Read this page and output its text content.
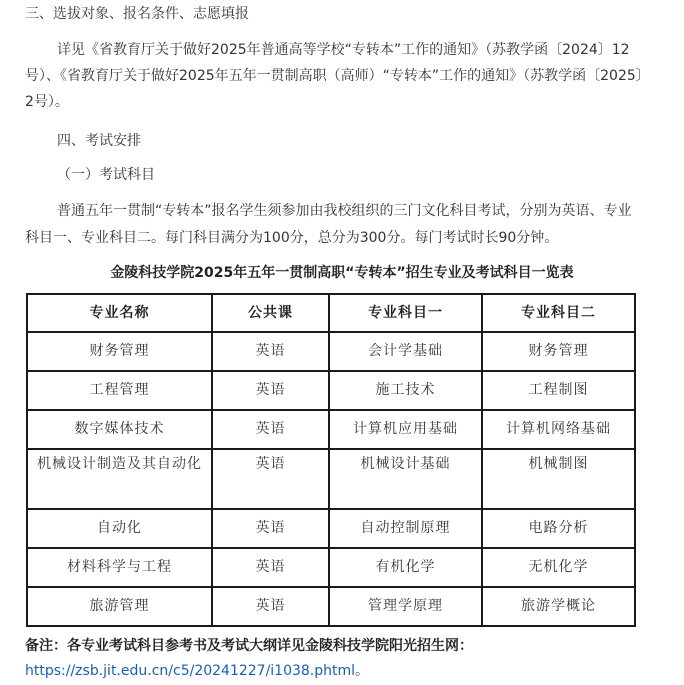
三、选拔对象、报名条件、志愿填报
详见《省教育厅关于做好2025年普通高等学校“专转本”工作的通知》（苏教学函〔2024〕12
号）、《省教育厅关于做好2025年五年一贯制高职（高师）“专转本”工作的通知》（苏教学函〔2025〕
2号）。
四、考试安排
（一）考试科目
普通五年一贯制“专转本”报名学生须参加由我校组织的三门文化科目考试，分别为英语、专业
科目一、专业科目二。每门科目满分为100分，总分为300分。每门考试时长90分钟。
金陵科技学院2025年五年一贯制高职“专转本”招生专业及考试科目一览表
专业名称	公共课	专业科目一	专业科目二
财务管理	英语	会计学基础	财务管理
工程管理	英语	施工技术	工程制图
数字媒体技术	英语	计算机应用基础	计算机网络基础
机械设计制造及其自动化	英语	机械设计基础	机械制图
自动化	英语	自动控制原理	电路分析
材料科学与工程	英语	有机化学	无机化学
旅游管理	英语	管理学原理	旅游学概论
备注：各专业考试科目参考书及考试大纲详见金陵科技学院阳光招生网：
https://zsb.jit.edu.cn/c5/20241227/i1038.phtml。
